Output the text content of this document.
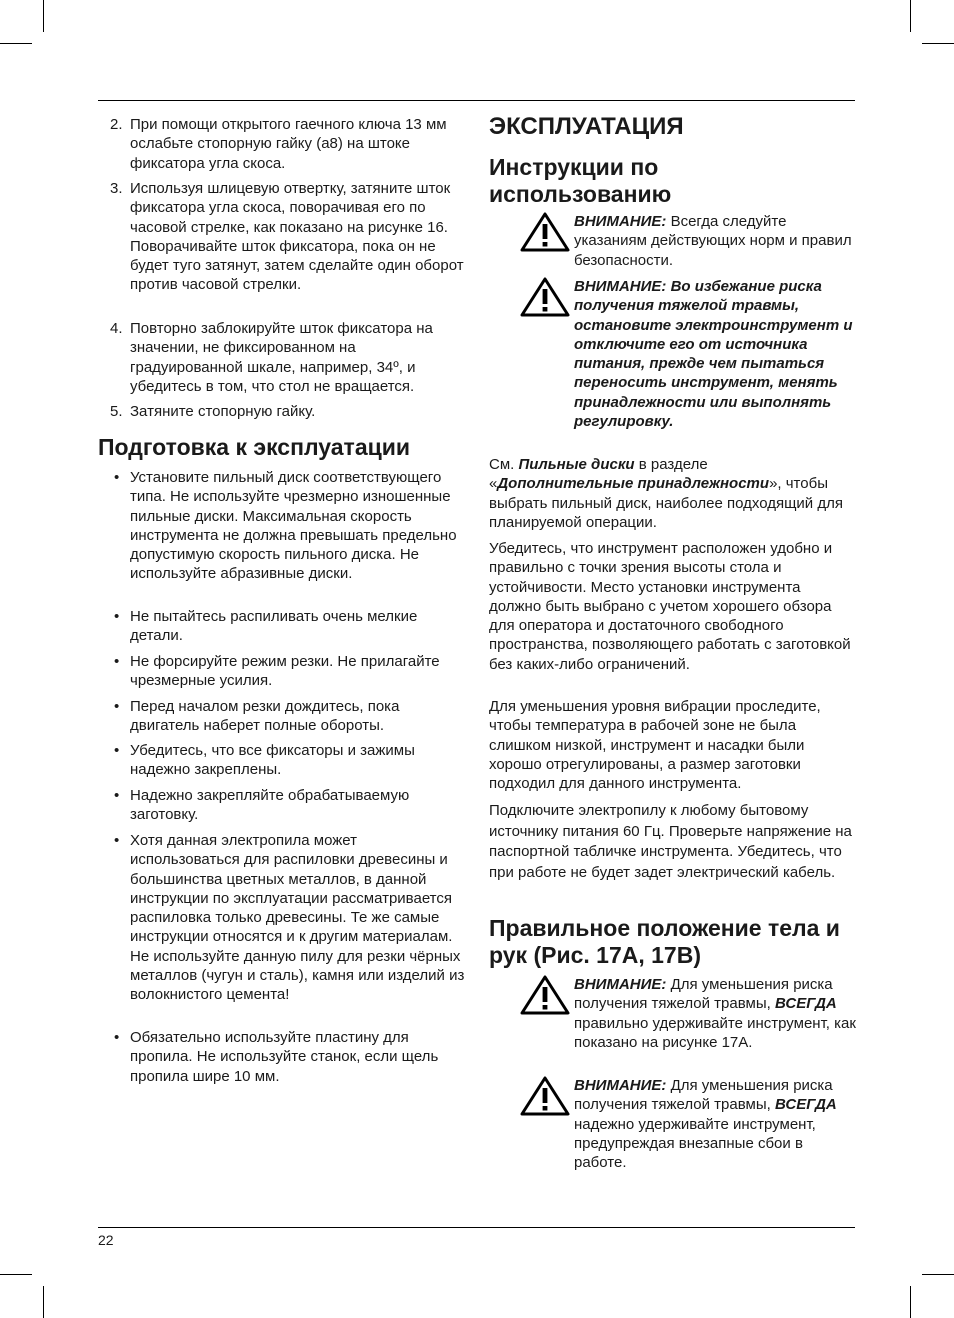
2. При помощи открытого гаечного ключа 13 мм ослабьте стопорную гайку (a8) на штоке фиксатора угла скоса.

3. Используя шлицевую отвертку, затяните шток фиксатора угла скоса, поворачивая его по часовой стрелке, как показано на рисунке 16. Поворачивайте шток фиксатора, пока он не будет туго затянут, затем сделайте один оборот против часовой стрелки.

4. Повторно заблокируйте шток фиксатора на значении, не фиксированном на градуированной шкале, например, 34º, и убедитесь в том, что стол не вращается.

5. Затяните стопорную гайку.

Подготовка к эксплуатации
• Установите пильный диск соответствующего типа. Не используйте чрезмерно изношенные пильные диски. Максимальная скорость инструмента не должна превышать предельно допустимую скорость пильного диска. Не используйте абразивные диски.

• Не пытайтесь распиливать очень мелкие детали.

• Не форсируйте режим резки. Не прилагайте чрезмерные усилия.

• Перед началом резки дождитесь, пока двигатель наберет полные обороты.

• Убедитесь, что все фиксаторы и зажимы надежно закреплены.

• Надежно закрепляйте обрабатываемую заготовку.

• Хотя данная электропила может использоваться для распиловки древесины и большинства цветных металлов, в данной инструкции по эксплуатации рассматривается распиловка только древесины. Те же самые инструкции относятся и к другим материалам. Не используйте данную пилу для резки чёрных металлов (чугун и сталь), камня или изделий из волокнистого цемента!

• Обязательно используйте пластину для пропила. Не используйте станок, если щель пропила шире 10 мм.

ЭКСПЛУАТАЦИЯ
Инструкции по использованию

ВНИМАНИЕ: Всегда следуйте указаниям действующих норм и правил безопасности.

ВНИМАНИЕ: Во избежание риска получения тяжелой травмы, остановите электроинструмент и отключите его от источника питания, прежде чем пытаться переносить инструмент, менять принадлежности или выполнять регулировку.

См. Пильные диски в разделе «Дополнительные принадлежности», чтобы выбрать пильный диск, наиболее подходящий для планируемой операции.

Убедитесь, что инструмент расположен удобно и правильно с точки зрения высоты стола и устойчивости. Место установки инструмента должно быть выбрано с учетом хорошего обзора для оператора и достаточного свободного пространства, позволяющего работать с заготовкой без каких-либо ограничений.

Для уменьшения уровня вибрации проследите, чтобы температура в рабочей зоне не была слишком низкой, инструмент и насадки были хорошо отрегулированы, а размер заготовки подходил для данного инструмента.

Подключите электропилу к любому бытовому источнику питания 60 Гц. Проверьте напряжение на паспортной табличке инструмента. Убедитесь, что при работе не будет задет электрический кабель.

Правильное положение тела и рук (Рис. 17A, 17B)

ВНИМАНИЕ: Для уменьшения риска получения тяжелой травмы, ВСЕГДА правильно удерживайте инструмент, как показано на рисунке 17A.

ВНИМАНИЕ: Для уменьшения риска получения тяжелой травмы, ВСЕГДА надежно удерживайте инструмент, предупреждая внезапные сбои в работе.

22
